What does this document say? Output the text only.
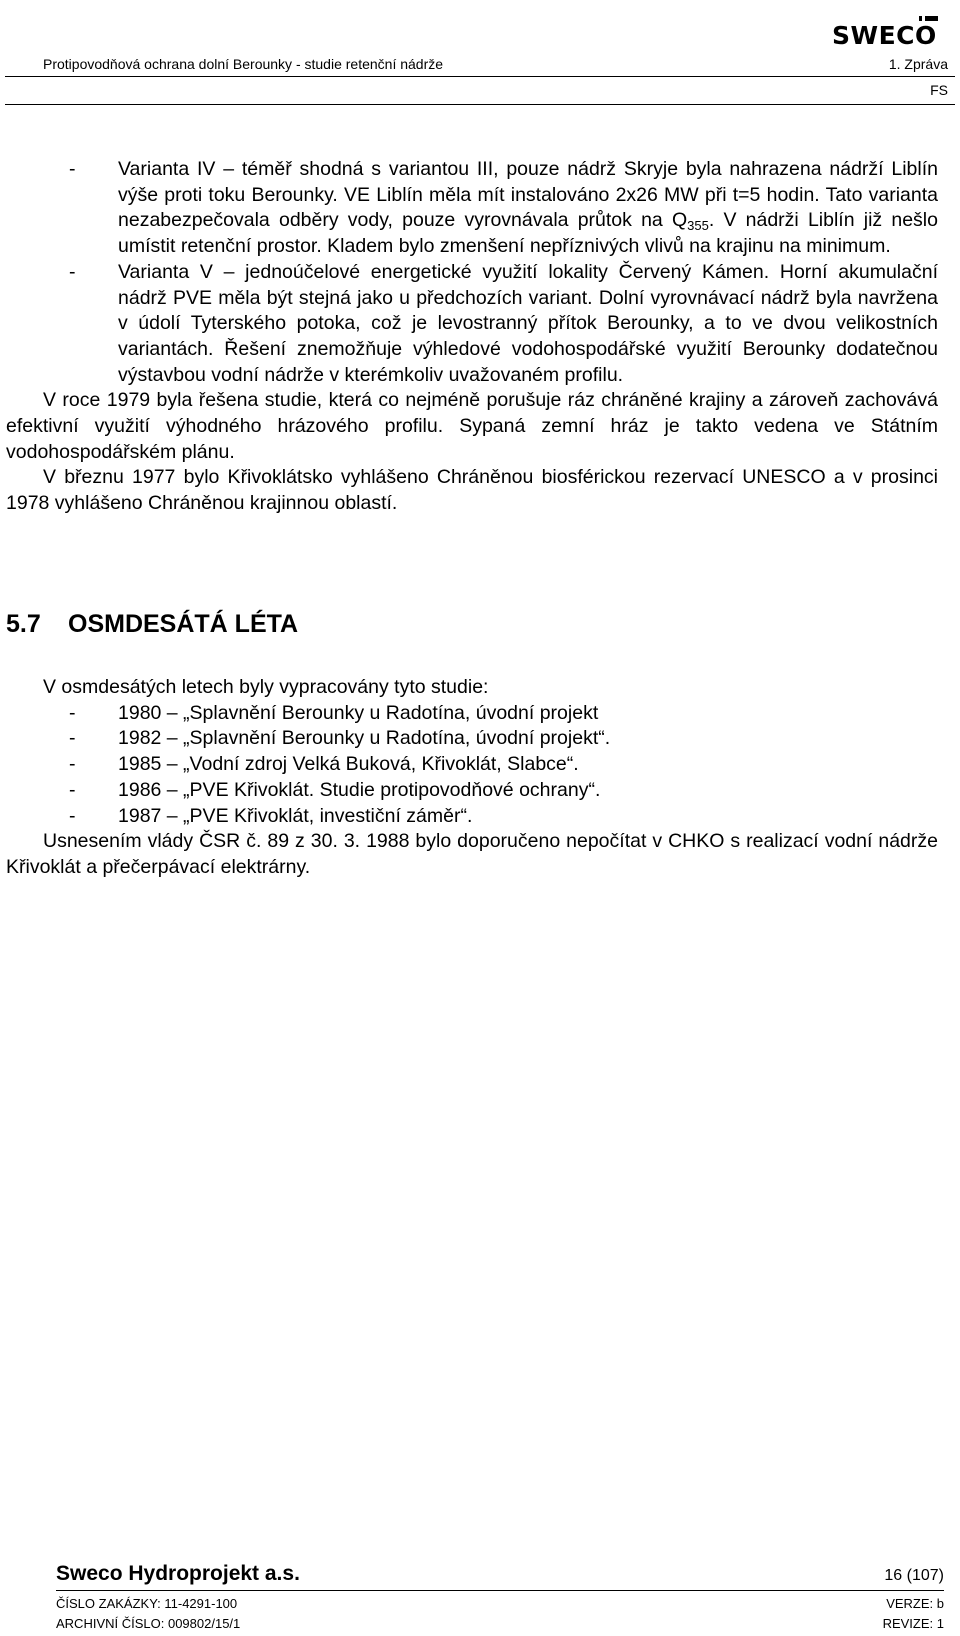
SWECO
Protipovodňová ochrana dolní Berounky - studie retenční nádrže	1. Zpráva
FS
- Varianta IV – téměř shodná s variantou III, pouze nádrž Skryje byla nahrazena nádrží Liblín výše proti toku Berounky. VE Liblín měla mít instalováno 2x26 MW při t=5 hodin. Tato varianta nezabezpečovala odběry vody, pouze vyrovnávala průtok na $Q_{355}$. V nádrži Liblín již nešlo umístit retenční prostor. Kladem bylo zmenšení nepříznivých vlivů na krajinu na minimum.
- Varianta V – jednoúčelové energetické využití lokality Červený Kámen. Horní akumulační nádrž PVE měla být stejná jako u předchozích variant. Dolní vyrovnávací nádrž byla navržena v údolí Tyterského potoka, což je levostranný přítok Berounky, a to ve dvou velikostních variantách. Řešení znemožňuje výhledové vodohospodářské využití Berounky dodatečnou výstavbou vodní nádrže v kterémkoliv uvažovaném profilu.
V roce 1979 byla řešena studie, která co nejméně porušuje ráz chráněné krajiny a zároveň zachovává efektivní využití výhodného hrázového profilu. Sypaná zemní hráz je takto vedena ve Státním vodohospodářském plánu.
V březnu 1977 bylo Křivoklátsko vyhlášeno Chráněnou biosférickou rezervací UNESCO a v prosinci 1978 vyhlášeno Chráněnou krajinnou oblastí.
5.7 OSMDESÁTÁ LÉTA
V osmdesátých letech byly vypracovány tyto studie:
- 1980 – „Splavnění Berounky u Radotína, úvodní projekt
- 1982 – „Splavnění Berounky u Radotína, úvodní projekt“.
- 1985 – „Vodní zdroj Velká Buková, Křivoklát, Slabce“.
- 1986 – „PVE Křivoklát. Studie protipovodňové ochrany“.
- 1987 – „PVE Křivoklát, investiční záměr“.
Usnesením vlády ČSR č. 89 z 30. 3. 1988 bylo doporučeno nepočítat v CHKO s realizací vodní nádrže Křivoklát a přečerpávací elektrárny.
Sweco Hydroprojekt a.s.	16 (107)
ČÍSLO ZAKÁZKY: 11-4291-100	VERZE: b
ARCHIVNÍ ČÍSLO: 009802/15/1	REVIZE: 1
